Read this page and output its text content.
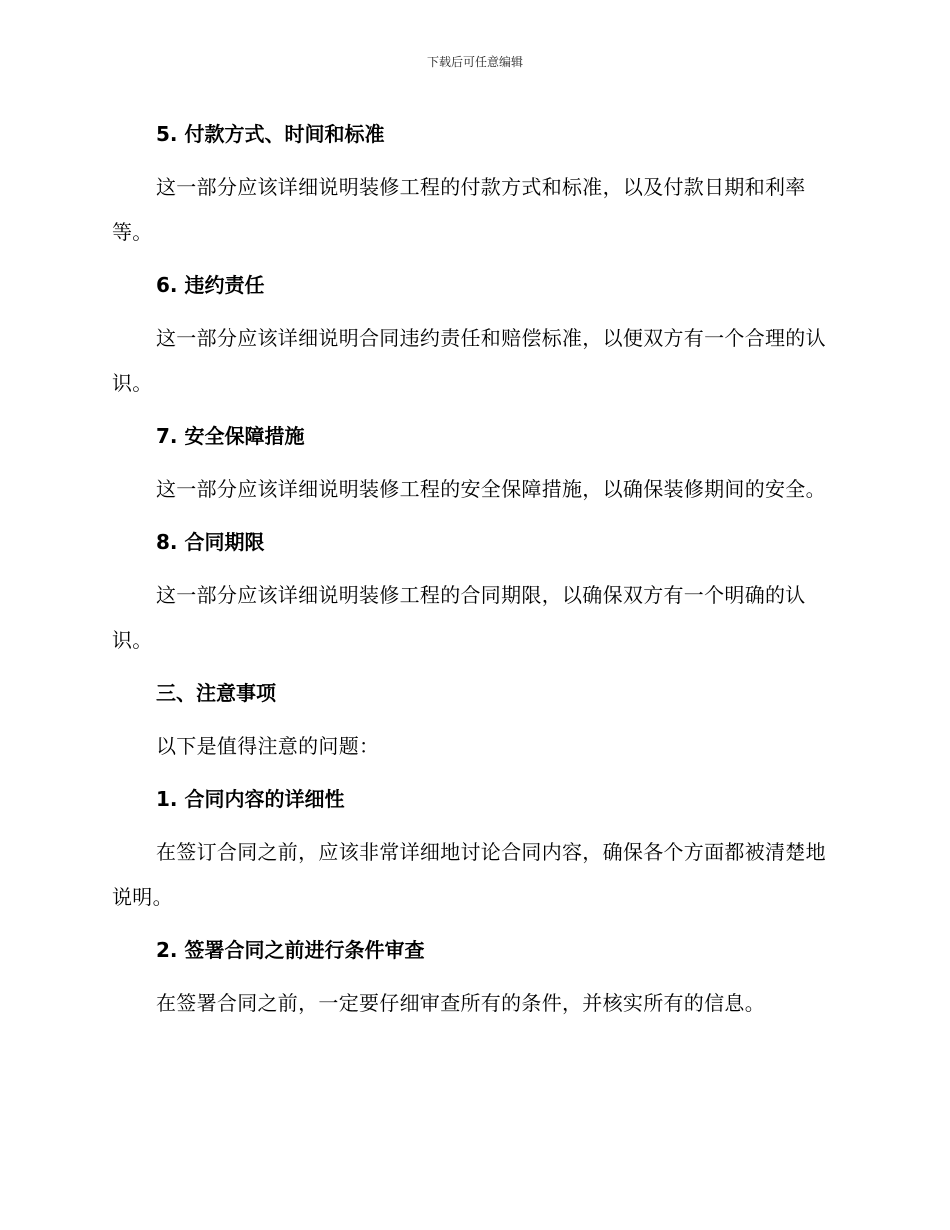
下载后可任意编辑
5. 付款方式、时间和标准
这一部分应该详细说明装修工程的付款方式和标准，以及付款日期和利率等。
6. 违约责任
这一部分应该详细说明合同违约责任和赔偿标准，以便双方有一个合理的认识。
7. 安全保障措施
这一部分应该详细说明装修工程的安全保障措施，以确保装修期间的安全。
8. 合同期限
这一部分应该详细说明装修工程的合同期限，以确保双方有一个明确的认识。
三、注意事项
以下是值得注意的问题：
1. 合同内容的详细性
在签订合同之前，应该非常详细地讨论合同内容，确保各个方面都被清楚地说明。
2. 签署合同之前进行条件审查
在签署合同之前，一定要仔细审查所有的条件，并核实所有的信息。
